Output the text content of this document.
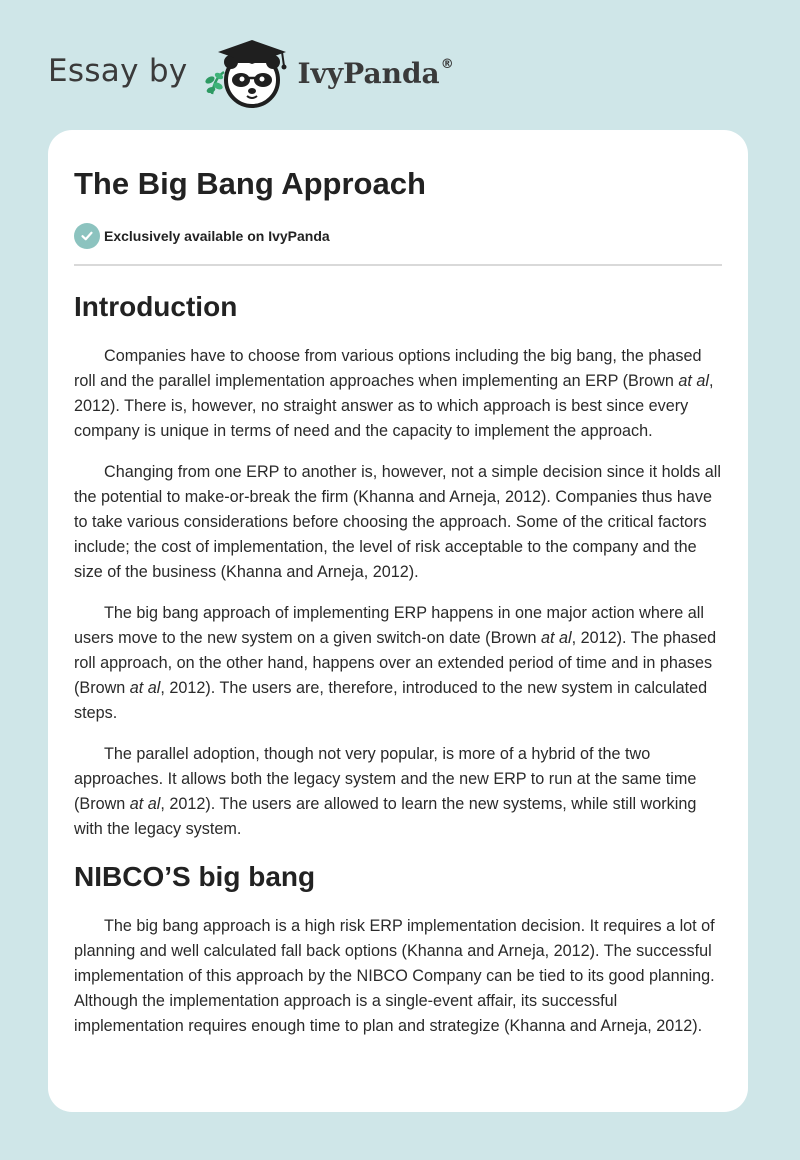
Essay by	IvyPanda®
The Big Bang Approach
Exclusively available on IvyPanda
Introduction

Companies have to choose from various options including the big bang, the phased roll and the parallel implementation approaches when implementing an ERP (Brown at al, 2012). There is, however, no straight answer as to which approach is best since every company is unique in terms of need and the capacity to implement the approach.

Changing from one ERP to another is, however, not a simple decision since it holds all the potential to make-or-break the firm (Khanna and Arneja, 2012). Companies thus have to take various considerations before choosing the approach. Some of the critical factors include; the cost of implementation, the level of risk acceptable to the company and the size of the business (Khanna and Arneja, 2012).

The big bang approach of implementing ERP happens in one major action where all users move to the new system on a given switch-on date (Brown at al, 2012). The phased roll approach, on the other hand, happens over an extended period of time and in phases (Brown at al, 2012). The users are, therefore, introduced to the new system in calculated steps.

The parallel adoption, though not very popular, is more of a hybrid of the two approaches. It allows both the legacy system and the new ERP to run at the same time (Brown at al, 2012). The users are allowed to learn the new systems, while still working with the legacy system.

NIBCO’S big bang

The big bang approach is a high risk ERP implementation decision. It requires a lot of planning and well calculated fall back options (Khanna and Arneja, 2012). The successful implementation of this approach by the NIBCO Company can be tied to its good planning. Although the implementation approach is a single-event affair, its successful implementation requires enough time to plan and strategize (Khanna and Arneja, 2012).
